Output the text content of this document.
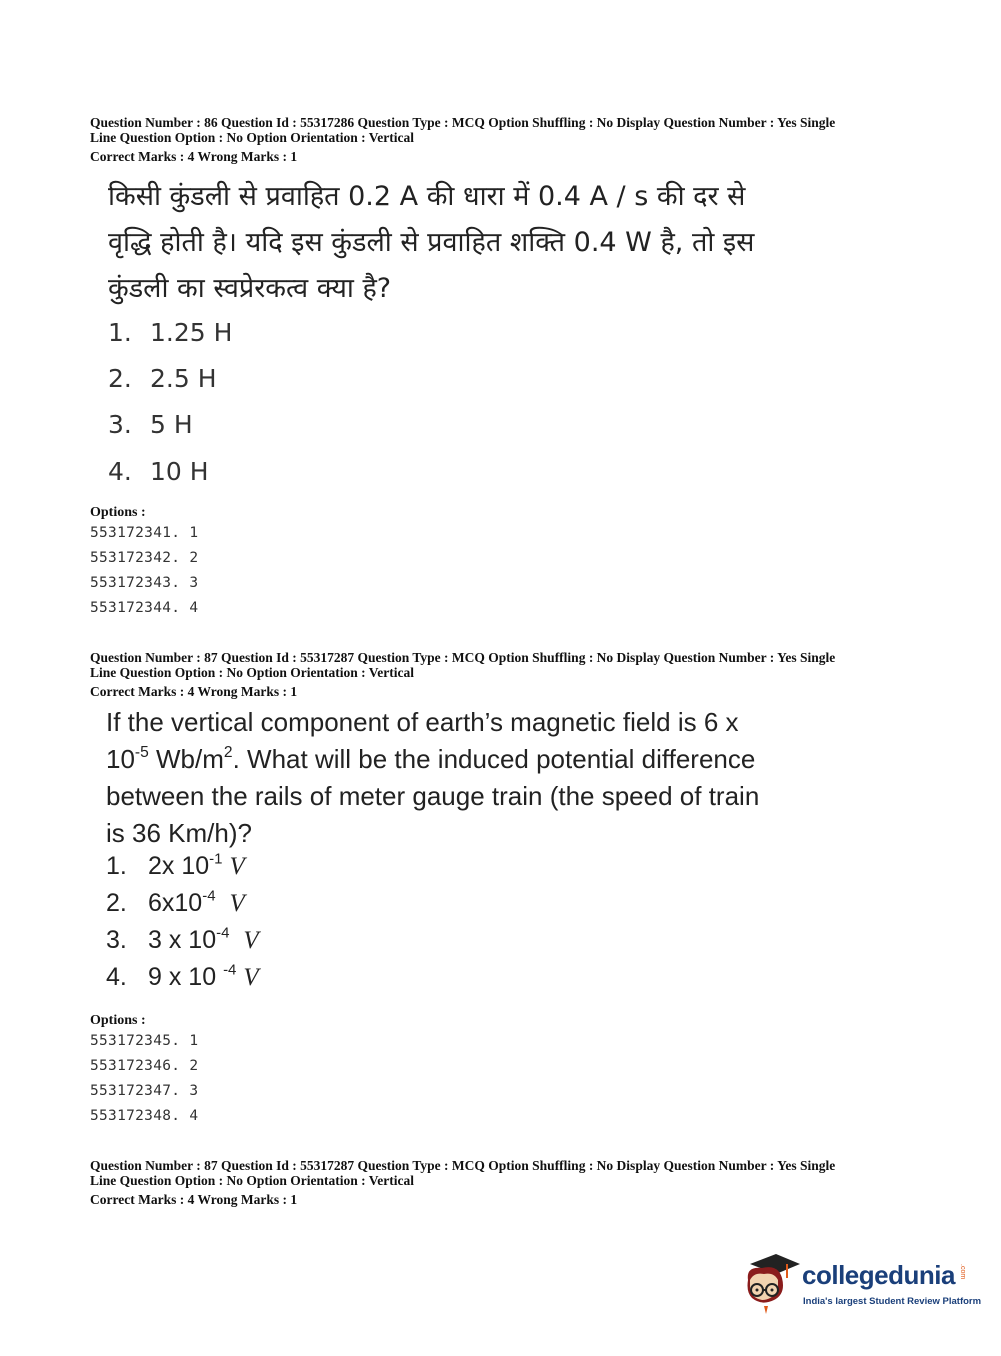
Question Number : 86 Question Id : 55317286 Question Type : MCQ Option Shuffling : No Display Question Number : Yes Single
Line Question Option : No Option Orientation : Vertical
Correct Marks : 4 Wrong Marks : 1
किसी कुंडली से प्रवाहित 0.2 A की धारा में 0.4 A / s की दर से
वृद्धि होती है। यदि इस कुंडली से प्रवाहित शक्ति 0.4 W है, तो इस
कुंडली का स्वप्रेरकत्व क्या है?
1. 1.25 H
2. 2.5 H
3. 5 H
4. 10 H
Options :
553172341. 1
553172342. 2
553172343. 3
553172344. 4
Question Number : 87 Question Id : 55317287 Question Type : MCQ Option Shuffling : No Display Question Number : Yes Single
Line Question Option : No Option Orientation : Vertical
Correct Marks : 4 Wrong Marks : 1
If the vertical component of earth’s magnetic field is 6 x
$10^{-5}$ $Wb/m^2$. What will be the induced potential difference
between the rails of meter gauge train (the speed of train
is 36 Km/h)?
1. 2x $10^{-1}$ V
2. $6x10^{-4}$ V
3. 3 x $10^{-4}$ V
4. 9 x 10 $^{-4}$ V
Options :
553172345. 1
553172346. 2
553172347. 3
553172348. 4
Question Number : 87 Question Id : 55317287 Question Type : MCQ Option Shuffling : No Display Question Number : Yes Single
Line Question Option : No Option Orientation : Vertical
Correct Marks : 4 Wrong Marks : 1
collegedunia .com
India's largest Student Review Platform
